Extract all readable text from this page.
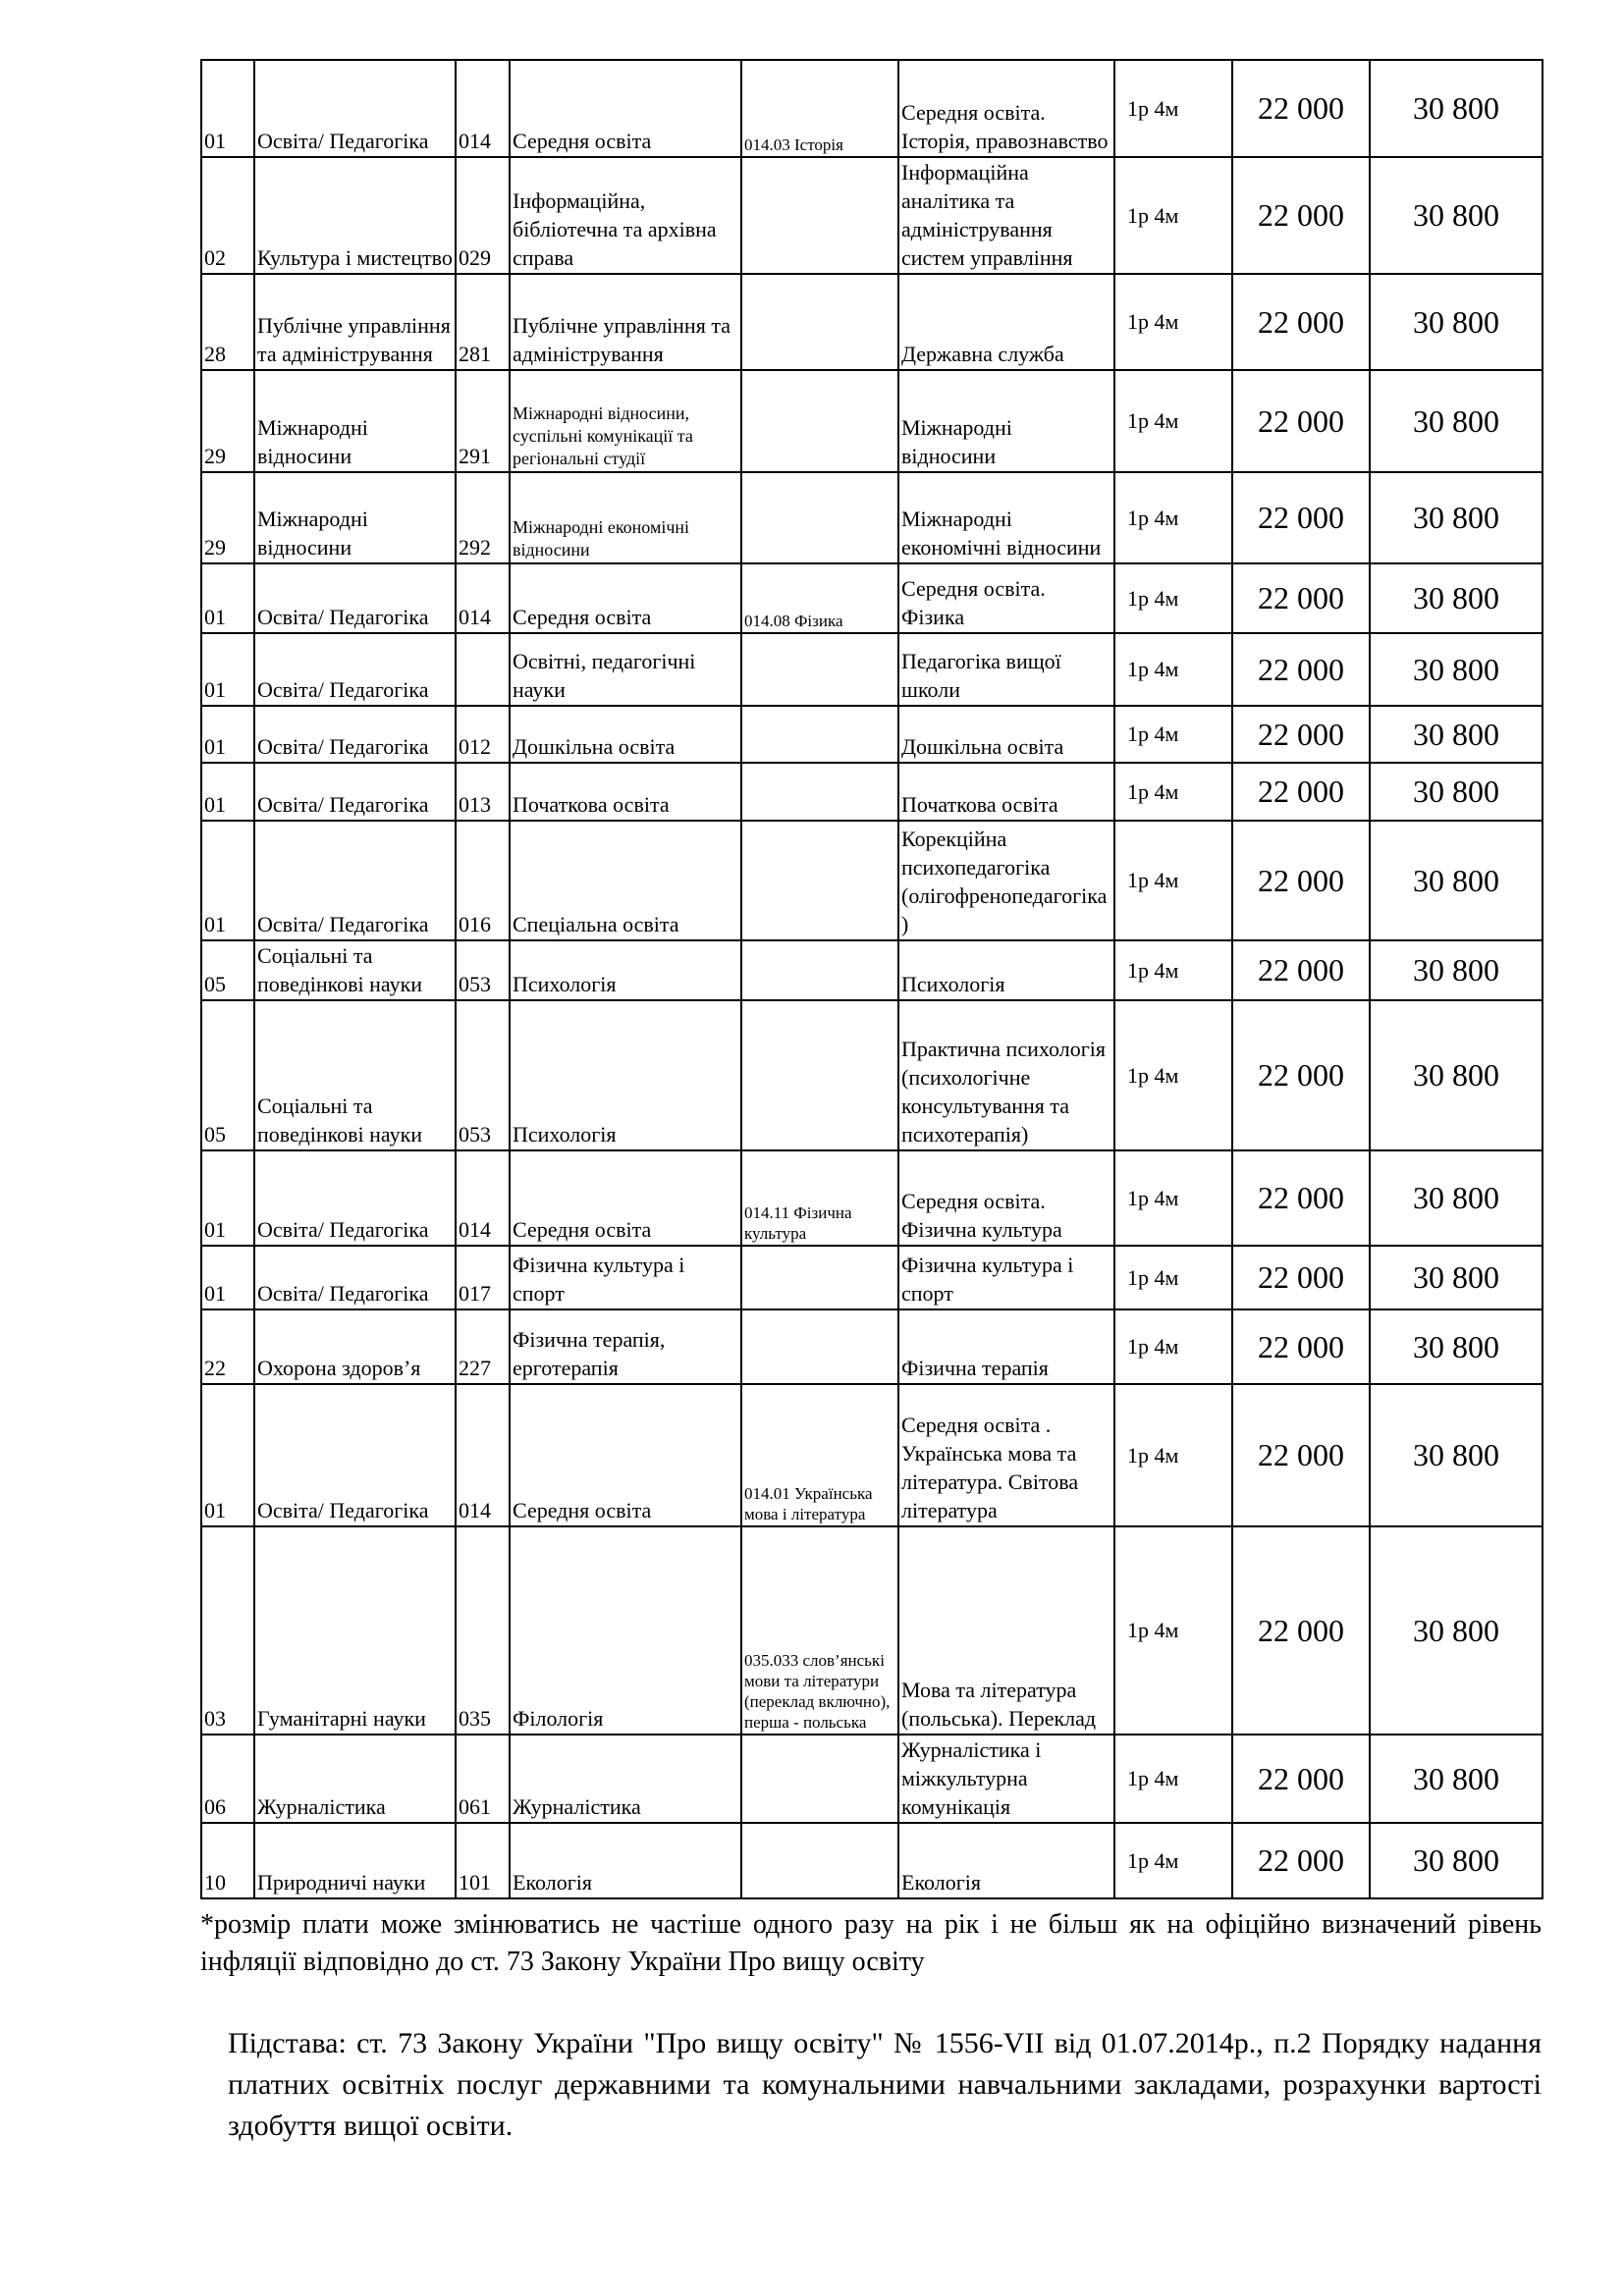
01	Освіта/ Педагогіка	014	Середня освіта	014.03 Історія	Середня освіта. Історія, правознавство	1р 4м	22 000	30 800
02	Культура і мистецтво	029	Інформаційна, бібліотечна та архівна справа		Інформаційна аналітика та адміністрування систем управління	1р 4м	22 000	30 800
28	Публічне управління та адміністрування	281	Публічне управління та адміністрування		Державна служба	1р 4м	22 000	30 800
29	Міжнародні відносини	291	Міжнародні відносини, суспільні комунікації та регіональні студії		Міжнародні відносини	1р 4м	22 000	30 800
29	Міжнародні відносини	292	Міжнародні економічні відносини		Міжнародні економічні відносини	1р 4м	22 000	30 800
01	Освіта/ Педагогіка	014	Середня освіта	014.08 Фізика	Середня освіта. Фізика	1р 4м	22 000	30 800
01	Освіта/ Педагогіка		Освітні, педагогічні науки		Педагогіка вищої школи	1р 4м	22 000	30 800
01	Освіта/ Педагогіка	012	Дошкільна освіта		Дошкільна освіта	1р 4м	22 000	30 800
01	Освіта/ Педагогіка	013	Початкова освіта		Початкова освіта	1р 4м	22 000	30 800
01	Освіта/ Педагогіка	016	Спеціальна освіта		Корекційна психопедагогіка (олігофренопедагогіка)	1р 4м	22 000	30 800
05	Соціальні та поведінкові науки	053	Психологія		Психологія	1р 4м	22 000	30 800
05	Соціальні та поведінкові науки	053	Психологія		Практична психологія (психологічне консультування та психотерапія)	1р 4м	22 000	30 800
01	Освіта/ Педагогіка	014	Середня освіта	014.11 Фізична культура	Середня освіта. Фізична культура	1р 4м	22 000	30 800
01	Освіта/ Педагогіка	017	Фізична культура і спорт		Фізична культура і спорт	1р 4м	22 000	30 800
22	Охорона здоров’я	227	Фізична терапія, ерготерапія		Фізична терапія	1р 4м	22 000	30 800
01	Освіта/ Педагогіка	014	Середня освіта	014.01 Українська мова і література	Середня освіта . Українська мова та література. Світова література	1р 4м	22 000	30 800
03	Гуманітарні науки	035	Філологія	035.033 слов’янські мови та літератури (переклад включно), перша - польська	Мова та література (польська). Переклад	1р 4м	22 000	30 800
06	Журналістика	061	Журналістика		Журналістика і міжкультурна комунікація	1р 4м	22 000	30 800
10	Природничі науки	101	Екологія		Екологія	1р 4м	22 000	30 800

*розмір плати може змінюватись не частіше одного разу на рік і не більш як на офіційно визначений рівень інфляції відповідно до ст. 73 Закону України Про вищу освіту

Підстава: ст. 73 Закону України "Про вищу освіту" № 1556-VII від 01.07.2014р., п.2 Порядку надання платних освітніх послуг державними та комунальними навчальними закладами, розрахунки вартості здобуття вищої освіти.
